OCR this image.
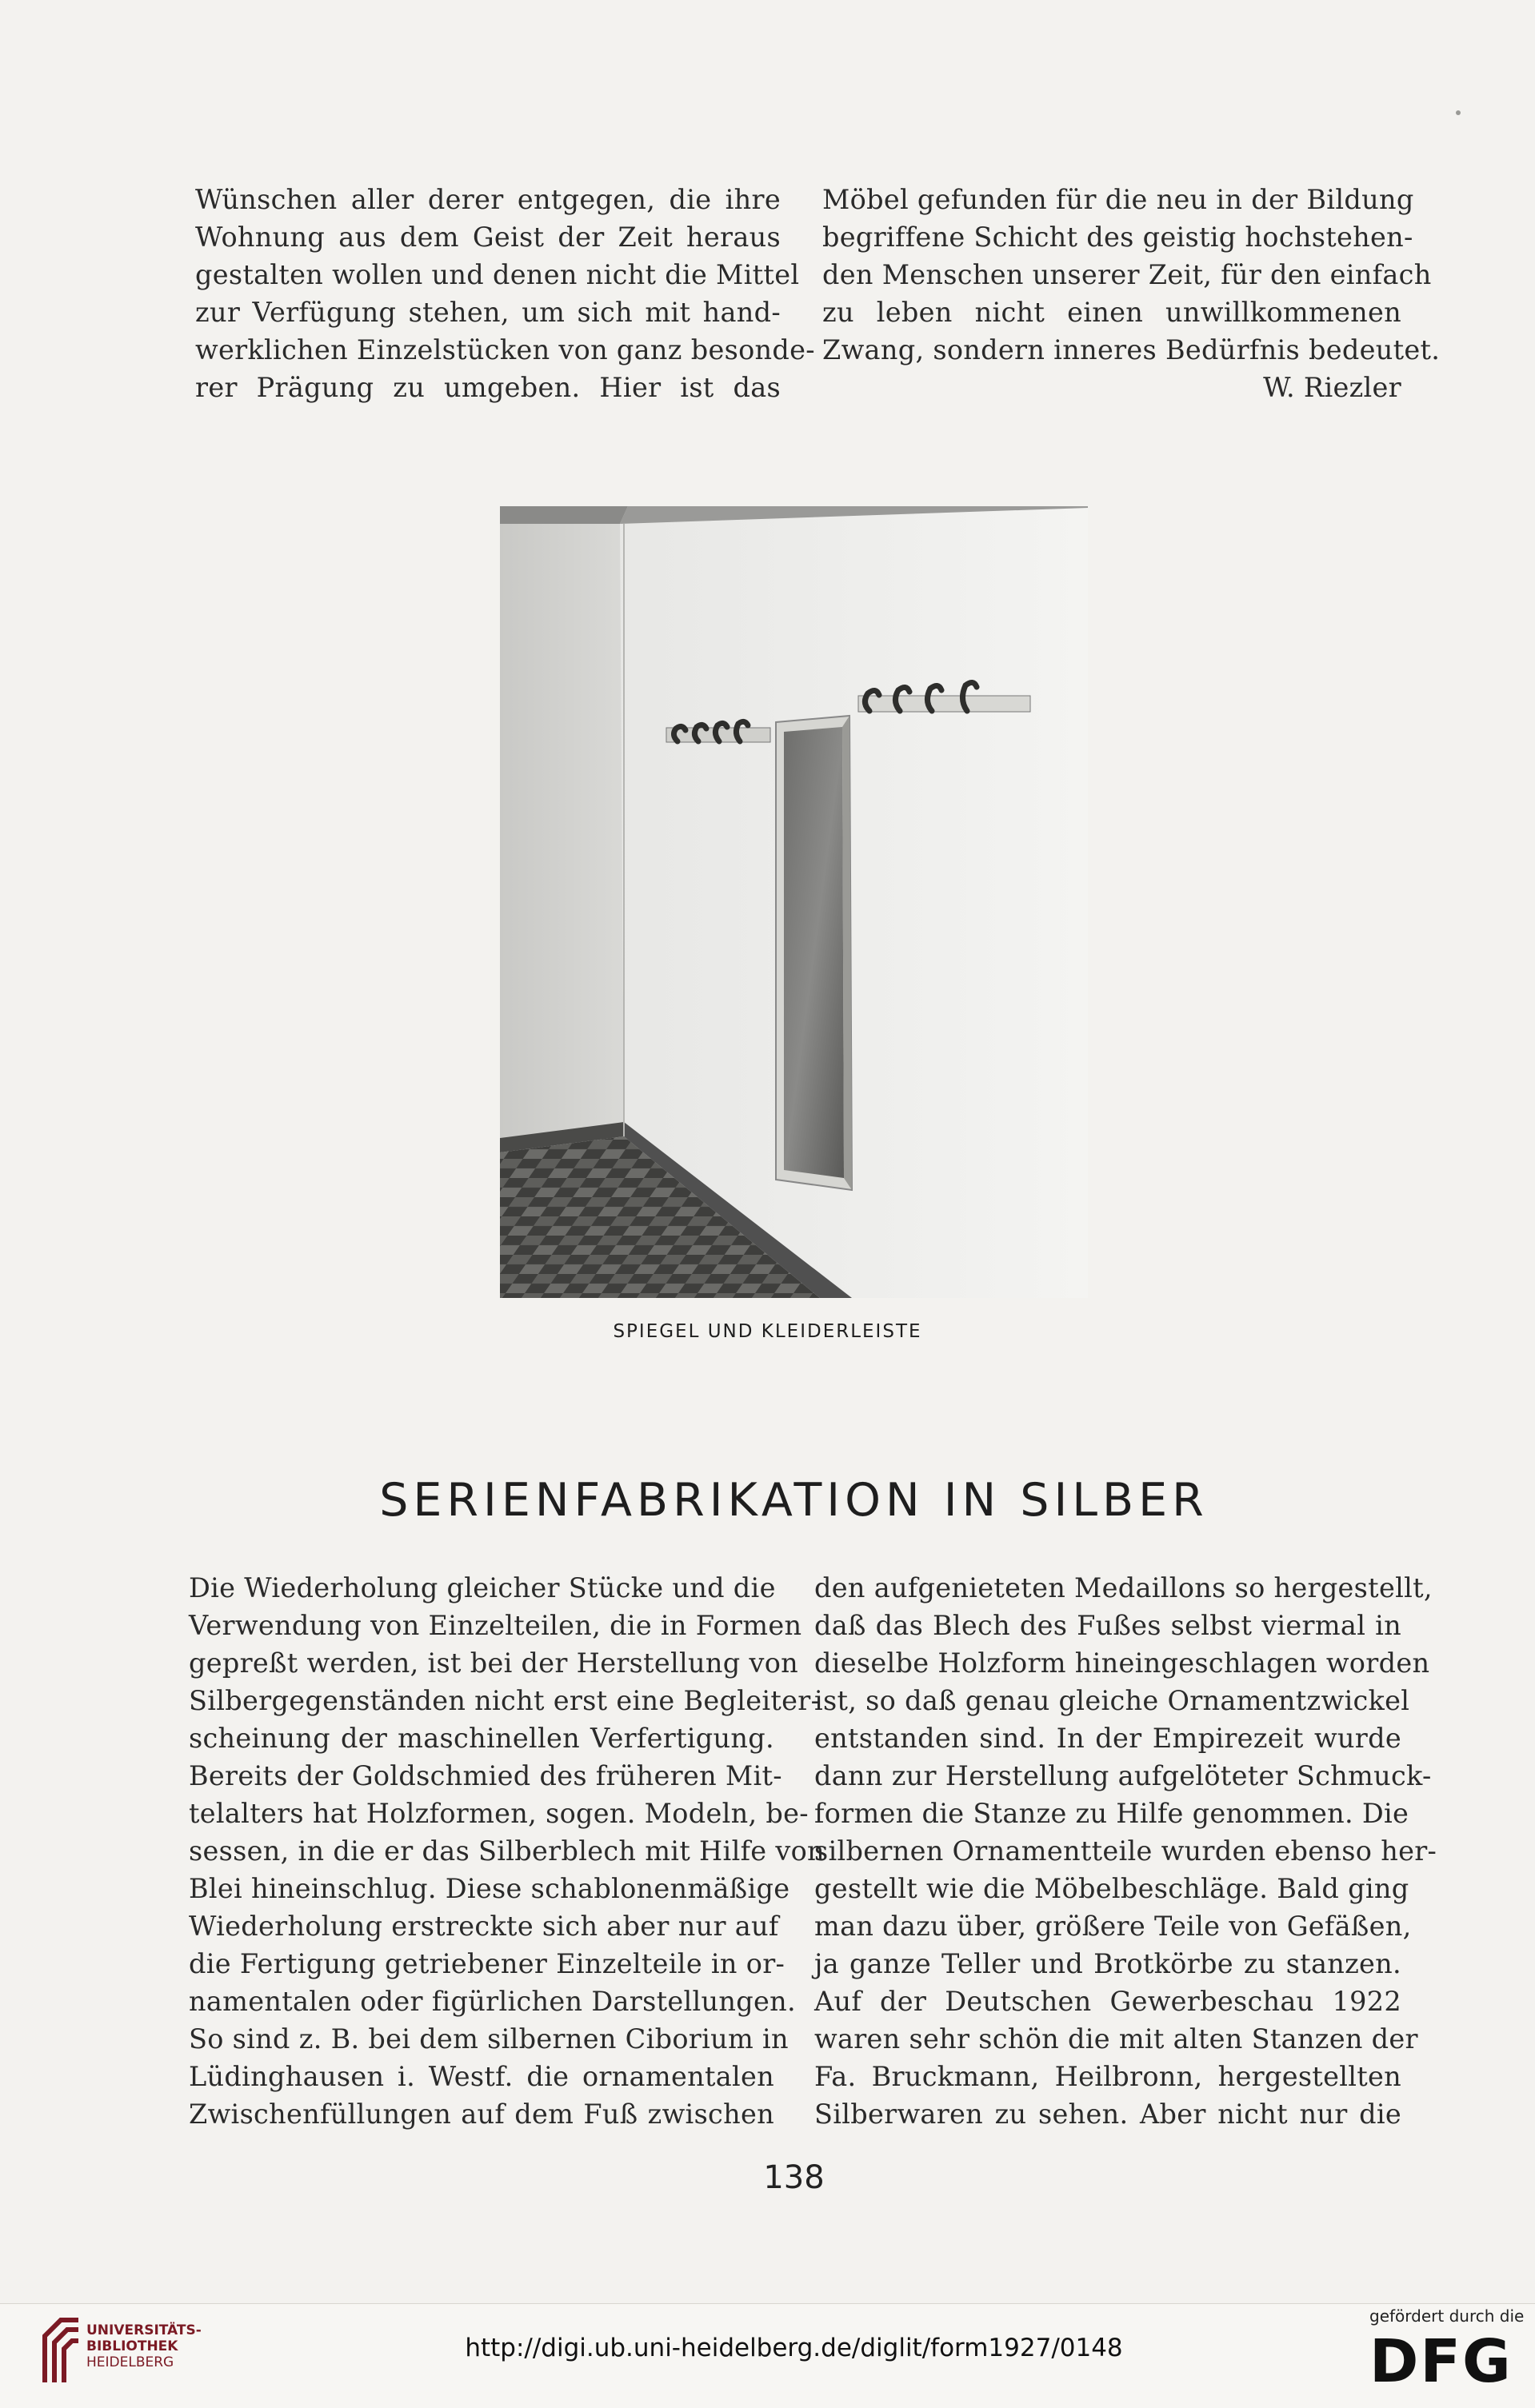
Wünschen aller derer entgegen, die ihre
Wohnung aus dem Geist der Zeit heraus
gestalten wollen und denen nicht die Mittel
zur Verfügung stehen, um sich mit hand-
werklichen Einzelstücken von ganz besonde-
rer Prägung zu umgeben. Hier ist das
Möbel gefunden für die neu in der Bildung
begriffene Schicht des geistig hochstehen-
den Menschen unserer Zeit, für den einfach
zu leben nicht einen unwillkommenen
Zwang, sondern inneres Bedürfnis bedeutet.
W. Riezler
SPIEGEL UND KLEIDERLEISTE
SERIENFABRIKATION IN SILBER
Die Wiederholung gleicher Stücke und die
Verwendung von Einzelteilen, die in Formen
gepreßt werden, ist bei der Herstellung von
Silbergegenständen nicht erst eine Begleiter-
scheinung der maschinellen Verfertigung.
Bereits der Goldschmied des früheren Mit-
telalters hat Holzformen, sogen. Modeln, be-
sessen, in die er das Silberblech mit Hilfe von
Blei hineinschlug. Diese schablonenmäßige
Wiederholung erstreckte sich aber nur auf
die Fertigung getriebener Einzelteile in or-
namentalen oder figürlichen Darstellungen.
So sind z. B. bei dem silbernen Ciborium in
Lüdinghausen i. Westf. die ornamentalen
Zwischenfüllungen auf dem Fuß zwischen
den aufgenieteten Medaillons so hergestellt,
daß das Blech des Fußes selbst viermal in
dieselbe Holzform hineingeschlagen worden
ist, so daß genau gleiche Ornamentzwickel
entstanden sind. In der Empirezeit wurde
dann zur Herstellung aufgelöteter Schmuck-
formen die Stanze zu Hilfe genommen. Die
silbernen Ornamentteile wurden ebenso her-
gestellt wie die Möbelbeschläge. Bald ging
man dazu über, größere Teile von Gefäßen,
ja ganze Teller und Brotkörbe zu stanzen.
Auf der Deutschen Gewerbeschau 1922
waren sehr schön die mit alten Stanzen der
Fa. Bruckmann, Heilbronn, hergestellten
Silberwaren zu sehen. Aber nicht nur die
138
UNIVERSITÄTS-
BIBLIOTHEK
HEIDELBERG	http://digi.ub.uni-heidelberg.de/diglit/form1927/0148
gefördert durch die
DFG
